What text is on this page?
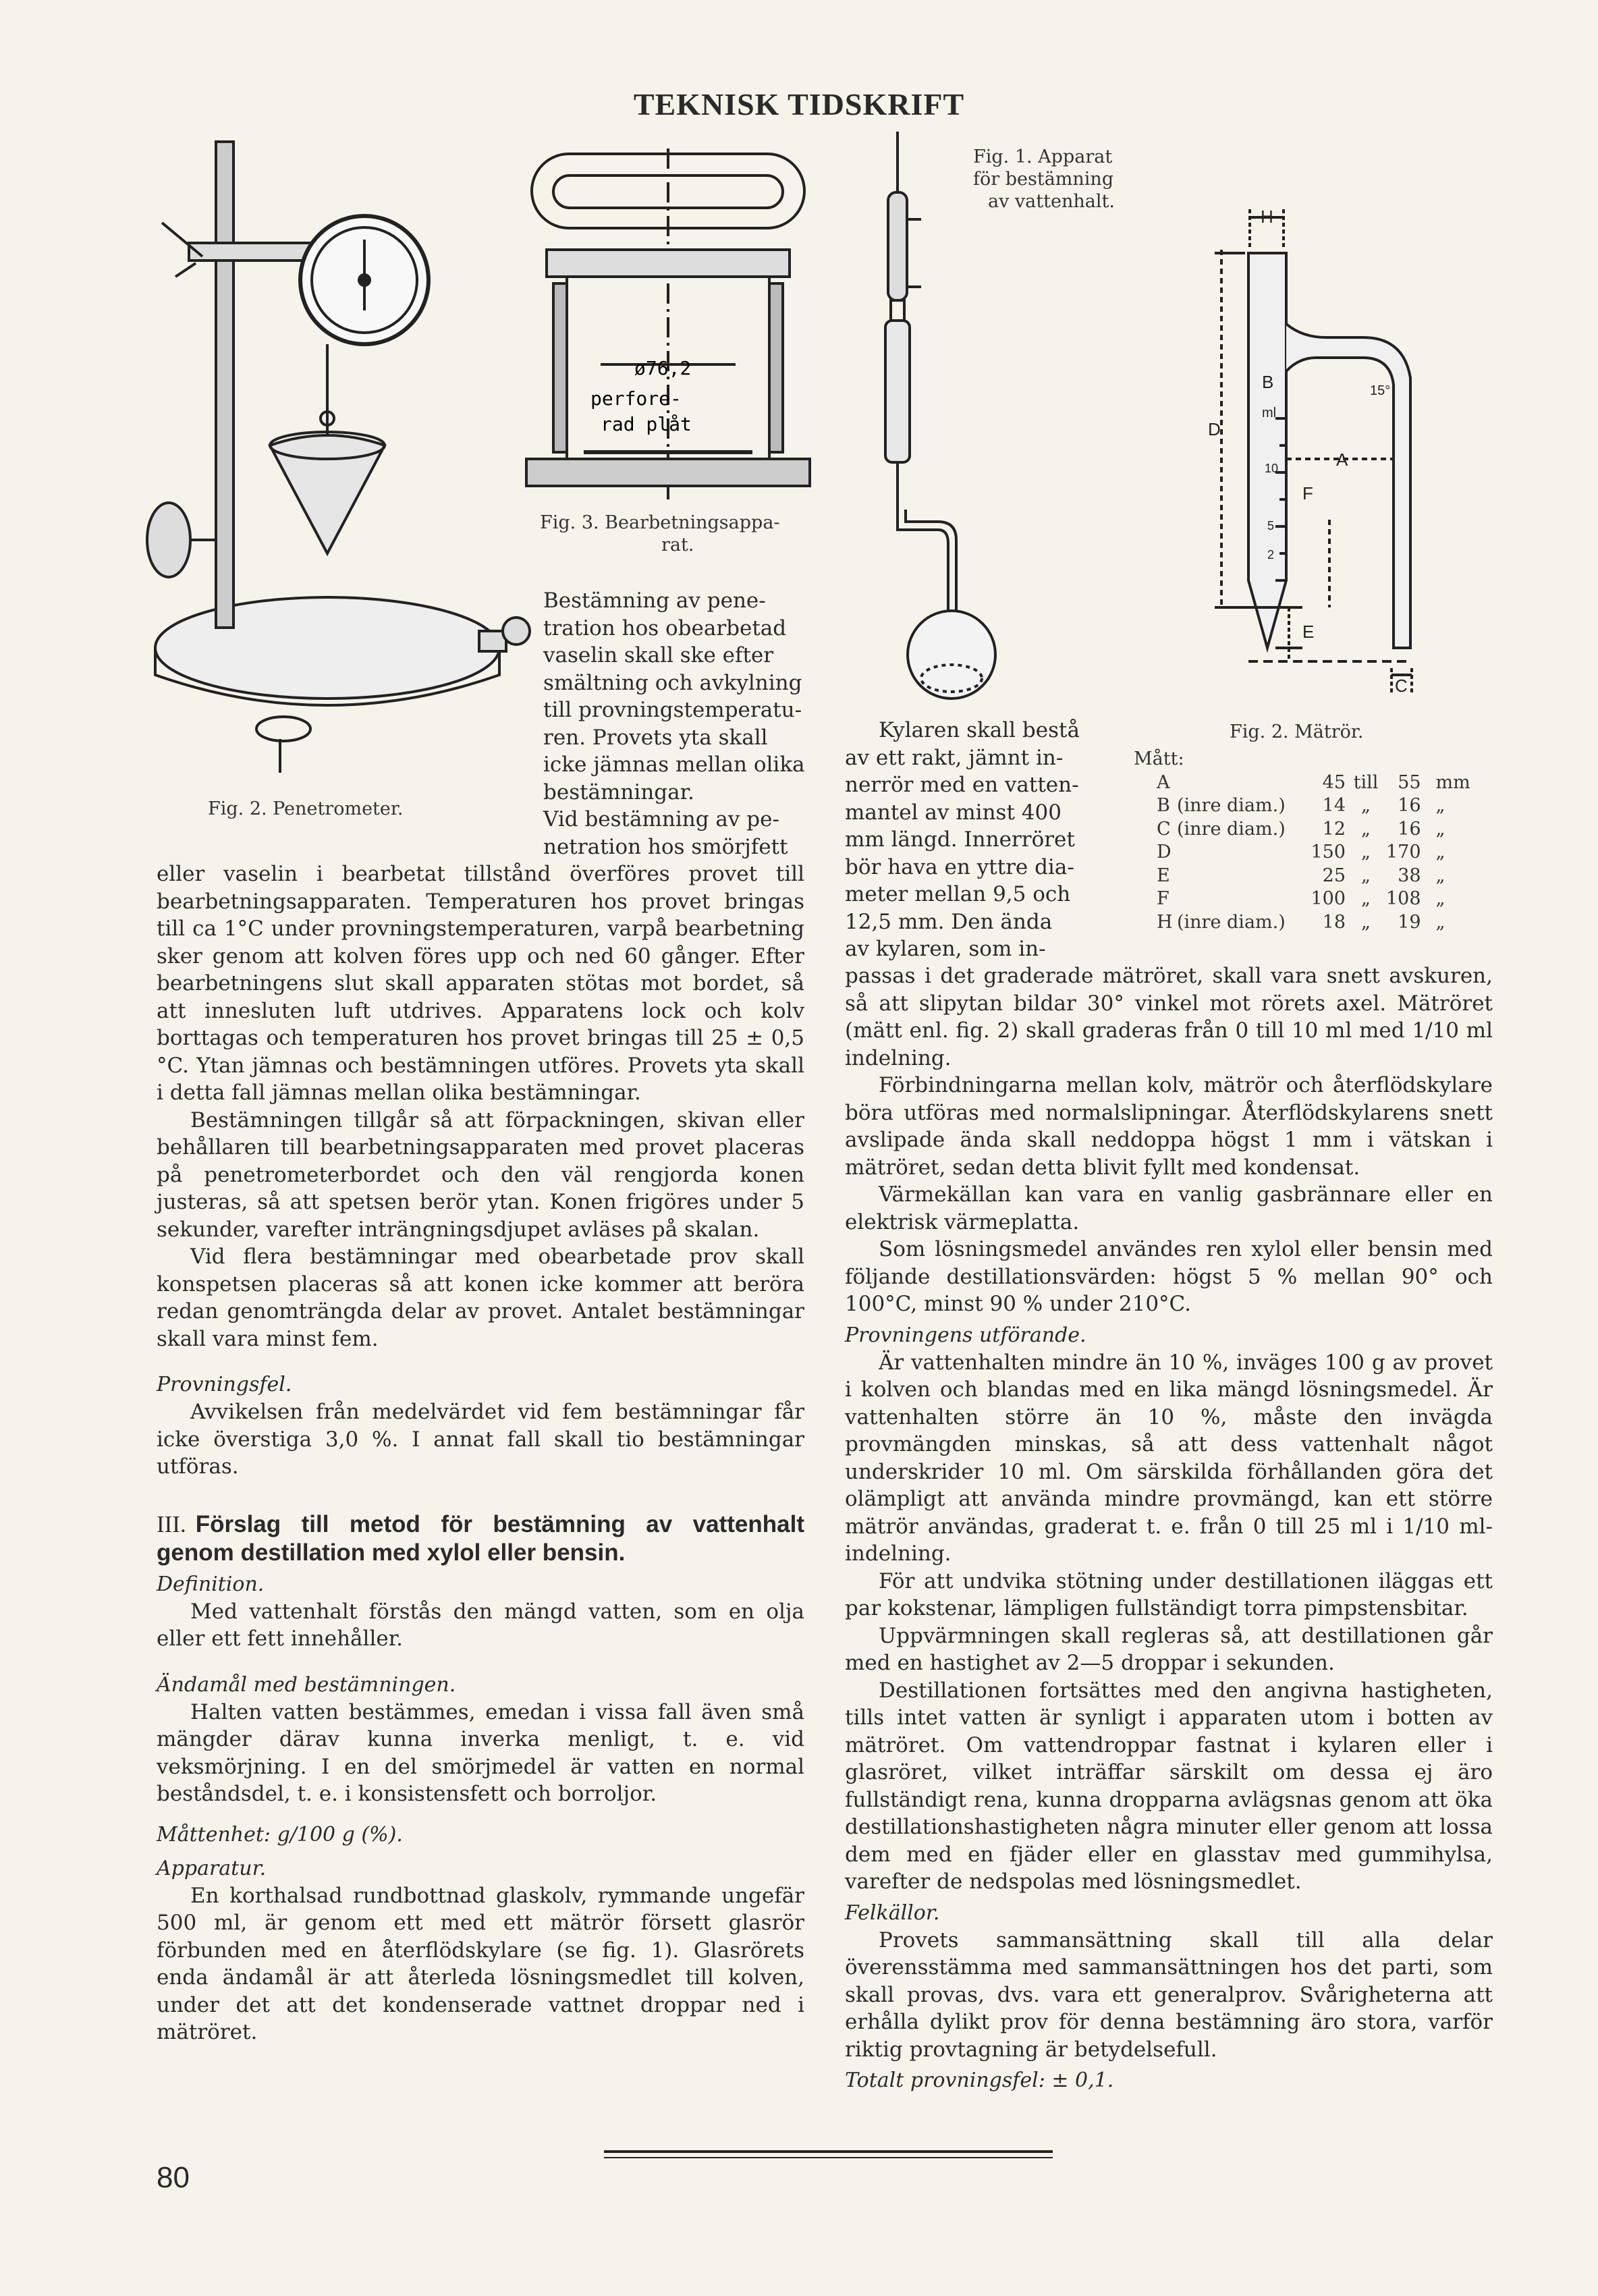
TEKNISK TIDSKRIFT
Fig. 2. Penetrometer.
ø76,2
perfore-
rad plåt
Fig. 3. Bearbetningsappa-
rat.
Fig. 1. Apparat
för bestämning
av vattenhalt.
H
D
B	15°
ml
10
5
2
A
F
E
C
Fig. 2. Mätrör.
Mått:
A		45	till	55	mm
B	(inre diam.)	14	„	16	„
C	(inre diam.)	12	„	16	„
D		150	„	170	„
E		25	„	38	„
F		100	„	108	„
H	(inre diam.)	18	„	19	„
Bestämning av pene-
tration hos obearbetad
vaselin skall ske efter
smältning och avkylning
till provningstemperatu-
ren. Provets yta skall
icke jämnas mellan olika
bestämningar.
Vid bestämning av pe-
netration hos smörjfett

eller vaselin i bearbetat tillstånd överföres provet till bearbetningsapparaten. Temperaturen hos provet bringas till ca 1°C under provningstemperaturen, varpå bearbetning sker genom att kolven föres upp och ned 60 gånger. Efter bearbetningens slut skall apparaten stötas mot bordet, så att innesluten luft utdrives. Apparatens lock och kolv borttagas och temperaturen hos provet bringas till 25 ± 0,5 °C. Ytan jämnas och bestämningen utföres. Provets yta skall i detta fall jämnas mellan olika bestämningar.

Bestämningen tillgår så att förpackningen, skivan eller behållaren till bearbetningsapparaten med provet placeras på penetrometerbordet och den väl rengjorda konen justeras, så att spetsen berör ytan. Konen frigöres under 5 sekunder, varefter inträngningsdjupet avläses på skalan.

Vid flera bestämningar med obearbetade prov skall konspetsen placeras så att konen icke kommer att beröra redan genomträngda delar av provet. Antalet bestämningar skall vara minst fem.

Provningsfel.

Avvikelsen från medelvärdet vid fem bestämningar får icke överstiga 3,0 %. I annat fall skall tio bestämningar utföras.

III. Förslag till metod för bestämning av vattenhalt genom destillation med xylol eller bensin.
Definition.

Med vattenhalt förstås den mängd vatten, som en olja eller ett fett innehåller.

Ändamål med bestämningen.

Halten vatten bestämmes, emedan i vissa fall även små mängder därav kunna inverka menligt, t. e. vid veksmörjning. I en del smörjmedel är vatten en normal beståndsdel, t. e. i konsistensfett och borroljor.

Måttenhet: g/100 g (%).
Apparatur.

En korthalsad rundbottnad glaskolv, rymmande ungefär 500 ml, är genom ett med ett mätrör försett glasrör förbunden med en återflödskylare (se fig. 1). Glasrörets enda ändamål är att återleda lösningsmedlet till kolven, under det att det kondenserade vattnet droppar ned i mätröret.

Kylaren skall bestå
av ett rakt, jämnt in-
nerrör med en vatten-
mantel av minst 400
mm längd. Innerröret
bör hava en yttre dia-
meter mellan 9,5 och
12,5 mm. Den ända
av kylaren, som in-

passas i det graderade mätröret, skall vara snett avskuren, så att slipytan bildar 30° vinkel mot rörets axel. Mätröret (mätt enl. fig. 2) skall graderas från 0 till 10 ml med 1/10 ml indelning.

Förbindningarna mellan kolv, mätrör och återflödskylare böra utföras med normalslipningar. Återflödskylarens snett avslipade ända skall neddoppa högst 1 mm i vätskan i mätröret, sedan detta blivit fyllt med kondensat.

Värmekällan kan vara en vanlig gasbrännare eller en elektrisk värmeplatta.

Som lösningsmedel användes ren xylol eller bensin med följande destillationsvärden: högst 5 % mellan 90° och 100°C, minst 90 % under 210°C.

Provningens utförande.

Är vattenhalten mindre än 10 %, inväges 100 g av provet i kolven och blandas med en lika mängd lösningsmedel. Är vattenhalten större än 10 %, måste den invägda provmängden minskas, så att dess vattenhalt något underskrider 10 ml. Om särskilda förhållanden göra det olämpligt att använda mindre provmängd, kan ett större mätrör användas, graderat t. e. från 0 till 25 ml i 1/10 ml-indelning.

För att undvika stötning under destillationen iläggas ett par kokstenar, lämpligen fullständigt torra pimpstensbitar.

Uppvärmningen skall regleras så, att destillationen går med en hastighet av 2—5 droppar i sekunden.

Destillationen fortsättes med den angivna hastigheten, tills intet vatten är synligt i apparaten utom i botten av mätröret. Om vattendroppar fastnat i kylaren eller i glasröret, vilket inträffar särskilt om dessa ej äro fullständigt rena, kunna dropparna avlägsnas genom att öka destillationshastigheten några minuter eller genom att lossa dem med en fjäder eller en glasstav med gummihylsa, varefter de nedspolas med lösningsmedlet.

Felkällor.

Provets sammansättning skall till alla delar överensstämma med sammansättningen hos det parti, som skall provas, dvs. vara ett generalprov. Svårigheterna att erhålla dylikt prov för denna bestämning äro stora, varför riktig provtagning är betydelsefull.

Totalt provningsfel: ± 0,1.
80
